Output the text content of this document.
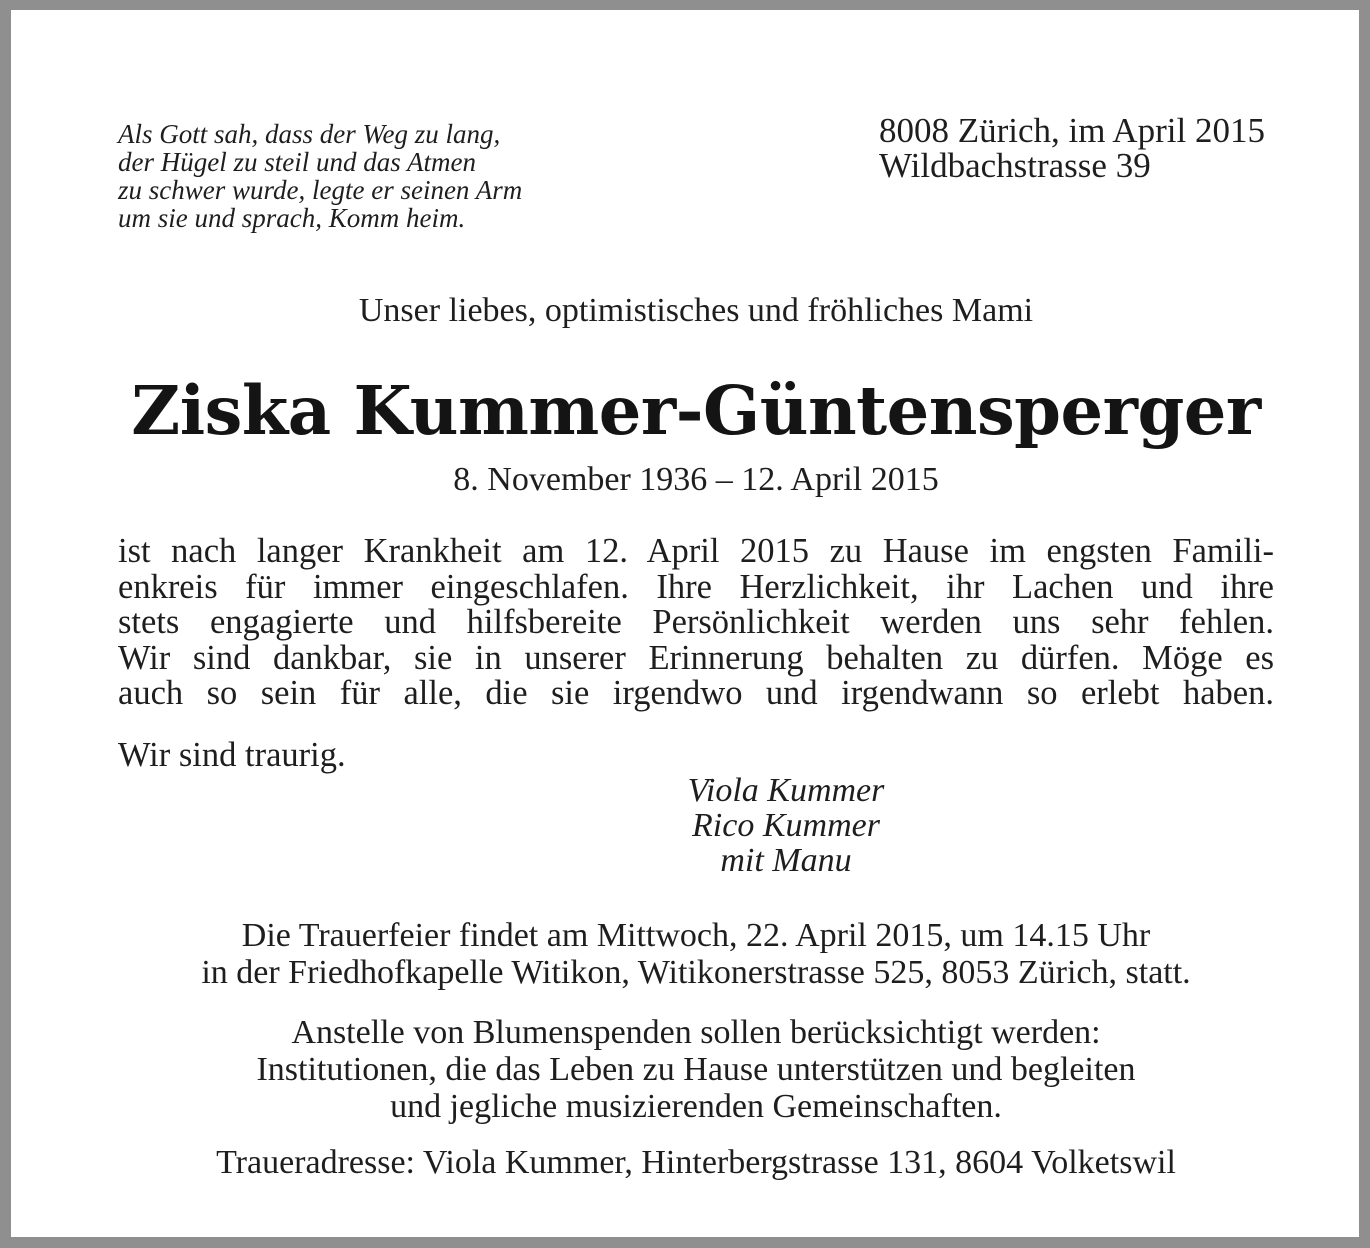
Als Gott sah, dass der Weg zu lang,
der Hügel zu steil und das Atmen
zu schwer wurde, legte er seinen Arm
um sie und sprach, Komm heim.
8008 Zürich, im April 2015
Wildbachstrasse 39
Unser liebes, optimistisches und fröhliches Mami
Ziska Kummer-Güntensperger
8. November 1936 – 12. April 2015
ist nach langer Krankheit am 12. April 2015 zu Hause im engsten Famili-
enkreis für immer eingeschlafen. Ihre Herzlichkeit, ihr Lachen und ihre
stets engagierte und hilfsbereite Persönlichkeit werden uns sehr fehlen.
Wir sind dankbar, sie in unserer Erinnerung behalten zu dürfen. Möge es
auch so sein für alle, die sie irgendwo und irgendwann so erlebt haben.
Wir sind traurig.
Viola Kummer
Rico Kummer
mit Manu
Die Trauerfeier findet am Mittwoch, 22. April 2015, um 14.15 Uhr
in der Friedhofkapelle Witikon, Witikonerstrasse 525, 8053 Zürich, statt.
Anstelle von Blumenspenden sollen berücksichtigt werden:
Institutionen, die das Leben zu Hause unterstützen und begleiten
und jegliche musizierenden Gemeinschaften.
Traueradresse: Viola Kummer, Hinterbergstrasse 131, 8604 Volketswil
